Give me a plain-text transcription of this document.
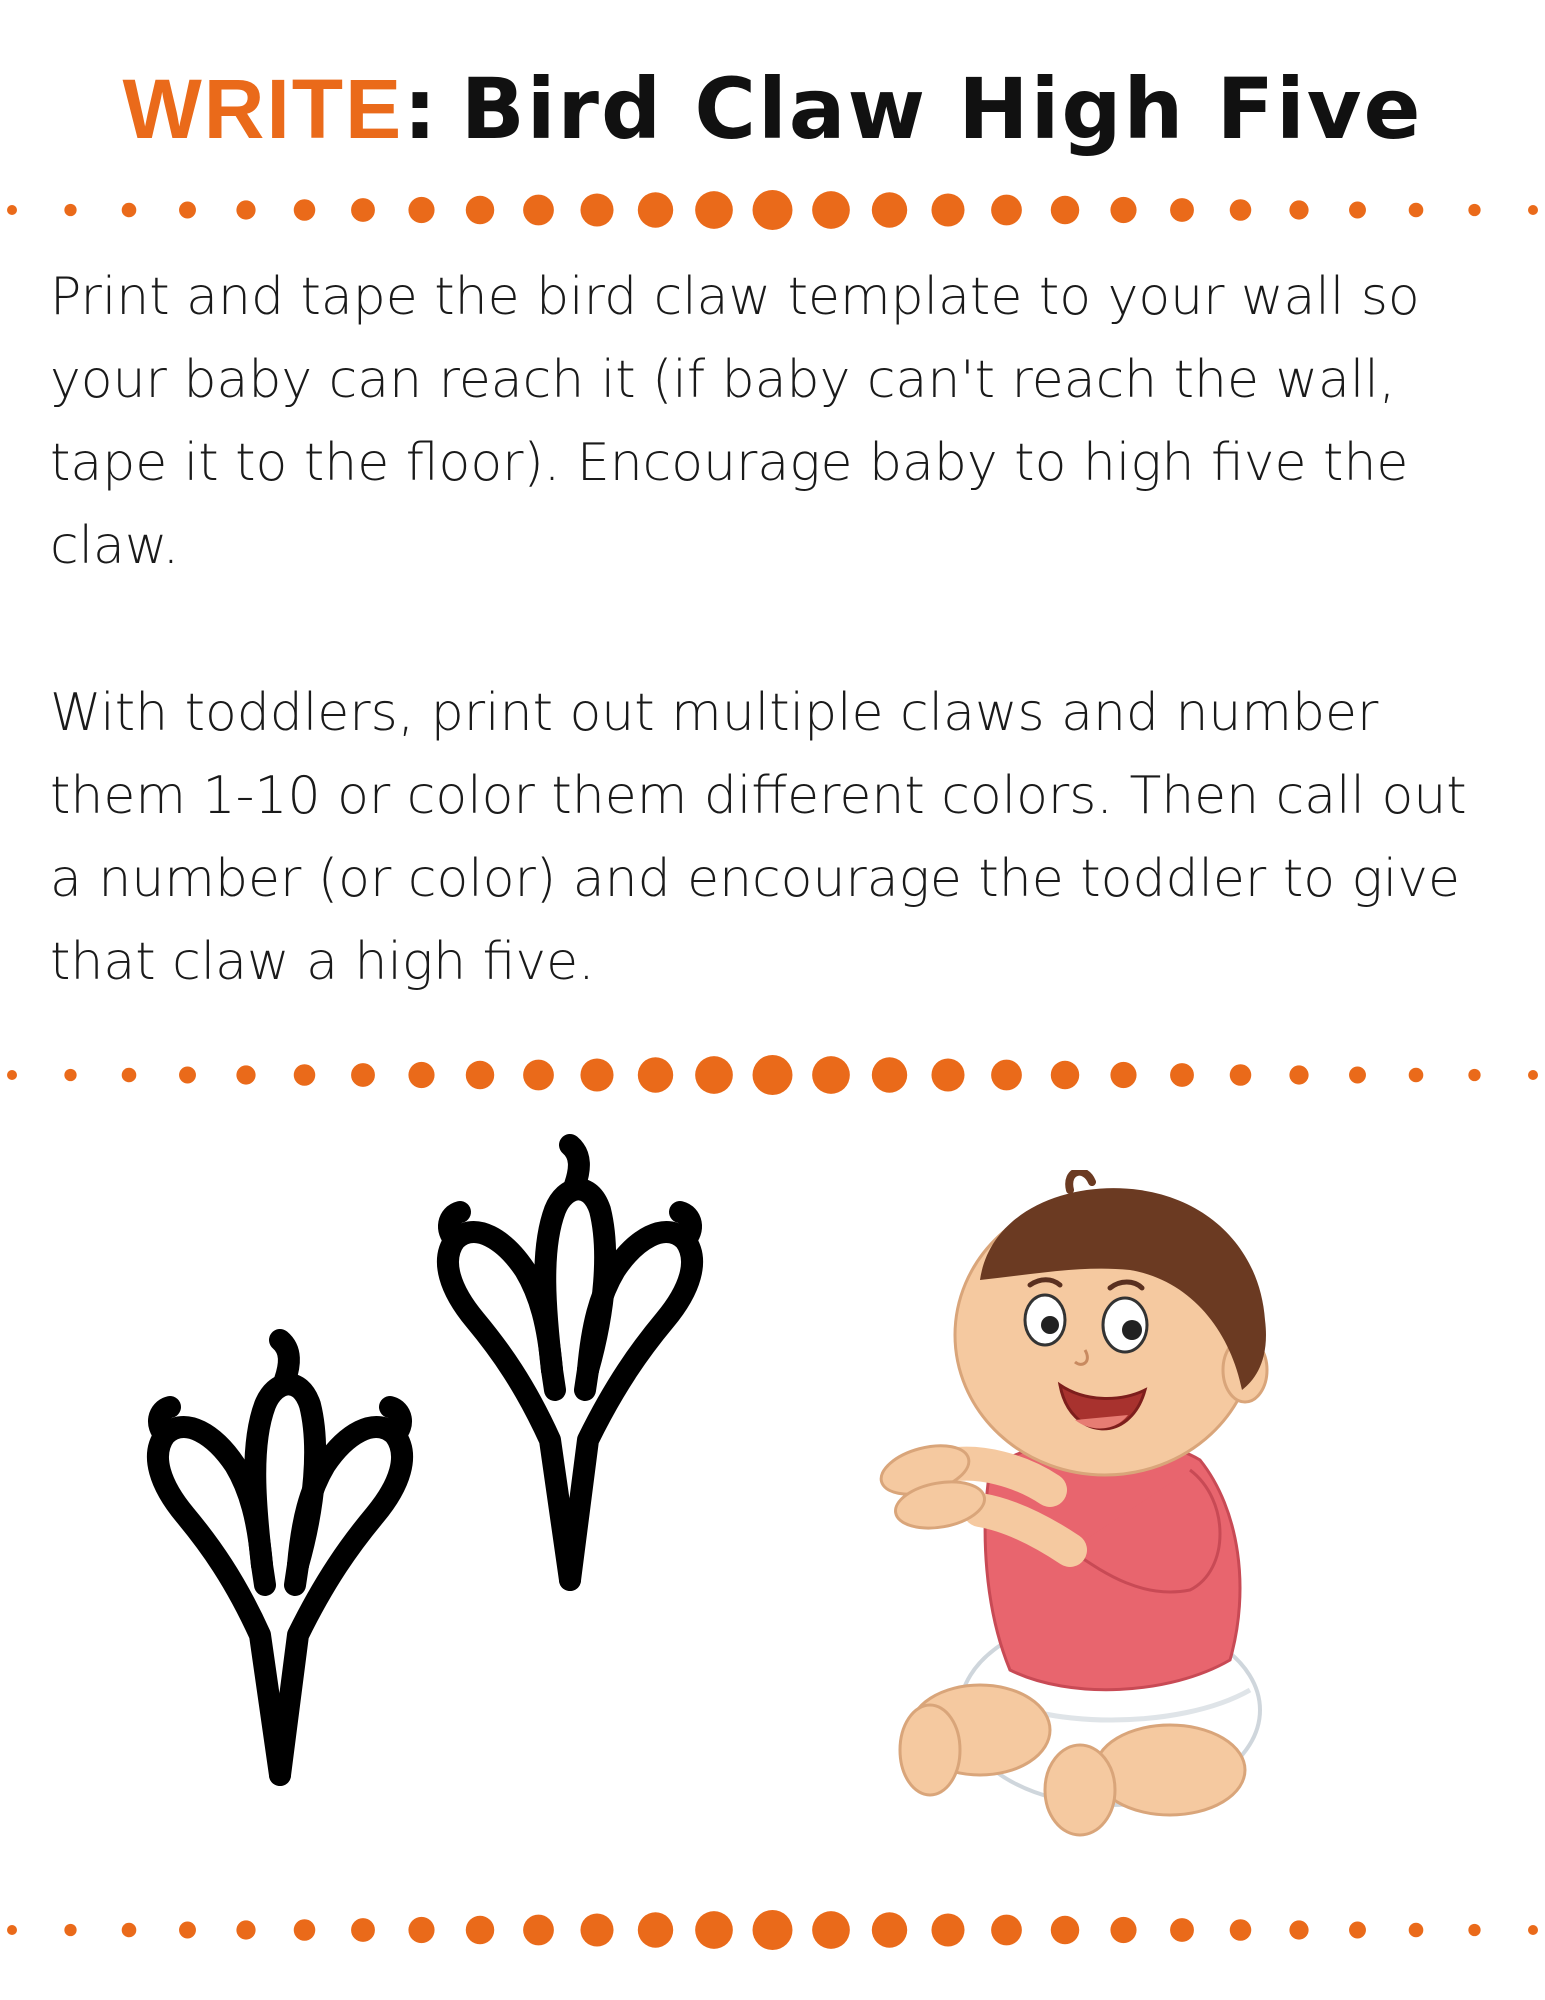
WRITE: Bird Claw High Five

Print and tape the bird claw template to your wall so your baby can reach it (if baby can't reach the wall, tape it to the floor). Encourage baby to high five the claw.

With toddlers, print out multiple claws and number them 1-10 or color them different colors. Then call out a number (or color) and encourage the toddler to give that claw a high five.
